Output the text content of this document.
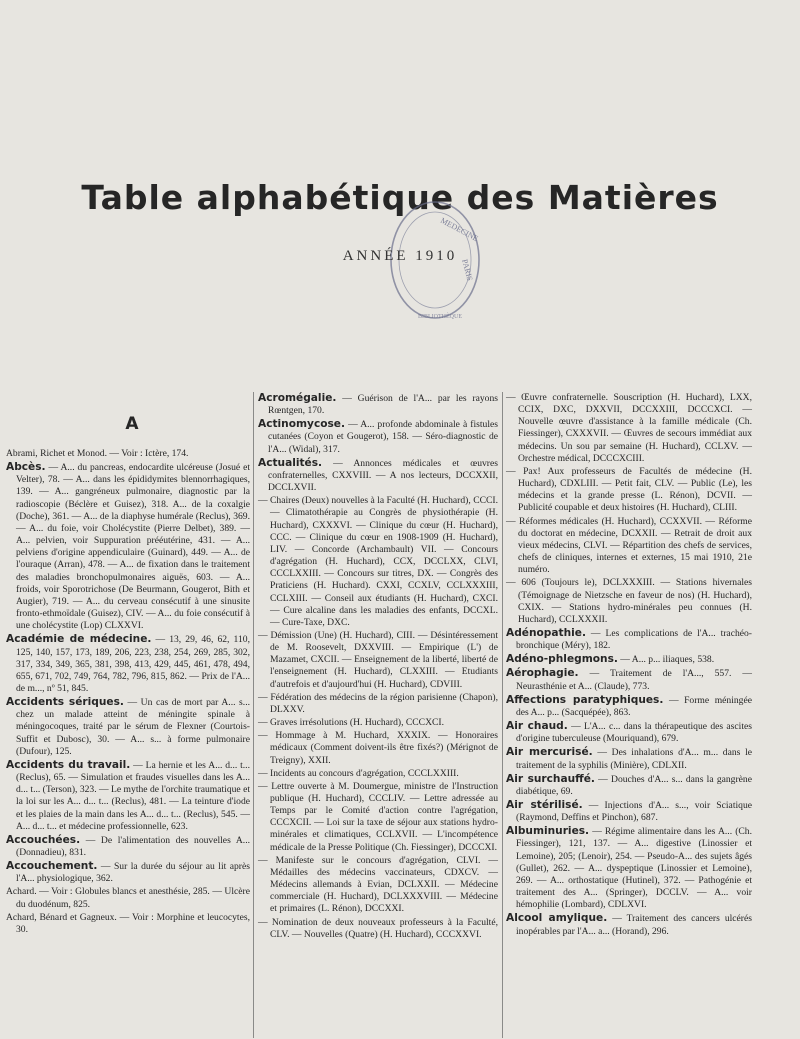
Table alphabétique des Matières
MEDECINE
PARIS
BIBLIOTHÈQUE
ANNÉE 1910
A

Abrami, Richet et Monod. — Voir : Ictère, 174.

Abcès. — A... du pancreas, endocardite ulcéreuse (Josué et Velter), 78. — A... dans les épididymites blennorrhagiques, 139. — A... gangréneux pulmonaire, diagnostic par la radioscopie (Béclère et Guisez), 318. A... de la coxalgie (Doche), 361. — A... de la diaphyse humérale (Reclus), 369. — A... du foie, voir Cholécystite (Pierre Delbet), 389. — A... pelvien, voir Suppuration prééutérine, 431. — A... pelviens d'origine appendiculaire (Guinard), 449. — A... de l'ouraque (Arran), 478. — A... de fixation dans le traitement des maladies bronchopulmonaires aiguës, 603. — A... froids, voir Sporotrichose (De Beurmann, Gougerot, Bith et Augier), 719. — A... du cerveau consécutif à une sinusite fronto-ethmoïdale (Guisez), CIV. — A... du foie consécutif à une cholécystite (Lop) CLXXVI.

Académie de médecine. — 13, 29, 46, 62, 110, 125, 140, 157, 173, 189, 206, 223, 238, 254, 269, 285, 302, 317, 334, 349, 365, 381, 398, 413, 429, 445, 461, 478, 494, 655, 671, 702, 749, 764, 782, 796, 815, 862. — Prix de l'A... de m..., nº 51, 845.

Accidents sériques. — Un cas de mort par A... s... chez un malade atteint de méningite spinale à méningocoques, traité par le sérum de Flexner (Courtois-Suffit et Dubosc), 30. — A... s... à forme pulmonaire (Dufour), 125.

Accidents du travail. — La hernie et les A... d... t... (Reclus), 65. — Simulation et fraudes visuelles dans les A... d... t... (Terson), 323. — Le mythe de l'orchite traumatique et la loi sur les A... d... t... (Reclus), 481. — La teinture d'iode et les plaies de la main dans les A... d... t... (Reclus), 545. — A... d... t... et médecine professionnelle, 623.

Accouchées. — De l'alimentation des nouvelles A... (Donnadieu), 831.

Accouchement. — Sur la durée du séjour au lit après l'A... physiologique, 362.

Achard. — Voir : Globules blancs et anesthésie, 285. — Ulcère du duodénum, 825.

Achard, Bénard et Gagneux. — Voir : Morphine et leucocytes, 30.

Acromégalie. — Guérison de l'A... par les rayons Rœntgen, 170.

Actinomycose. — A... profonde abdominale à fistules cutanées (Coyon et Gougerot), 158. — Séro-diagnostic de l'A... (Widal), 317.

Actualités. — Annonces médicales et œuvres confraternelles, CXXVIII. — A nos lecteurs, DCCXXII, DCCLXVII.

— Chaires (Deux) nouvelles à la Faculté (H. Huchard), CCCI. — Climatothérapie au Congrès de physiothérapie (H. Huchard), CXXXVI. — Clinique du cœur (H. Huchard), CCC. — Clinique du cœur en 1908-1909 (H. Huchard), LIV. — Concorde (Archambault) VII. — Concours d'agrégation (H. Huchard), CCX, DCCLXX, CLVI, CCCLXXIII. — Concours sur titres, DX. — Congrès des Praticiens (H. Huchard). CXXI, CCXLV, CCLXXXIII, CCLXIII. — Conseil aux étudiants (H. Huchard), CXCI. — Cure alcaline dans les maladies des enfants, DCCXL. — Cure-Taxe, DXC.

— Démission (Une) (H. Huchard), CIII. — Désintéressement de M. Roosevelt, DXXVIII. — Empirique (L') de Mazamet, CXCII. — Enseignement de la liberté, liberté de l'enseignement (H. Huchard), CLXXIII. — Etudiants d'autrefois et d'aujourd'hui (H. Huchard), CDVIII.

— Fédération des médecins de la région parisienne (Chapon), DLXXV.

— Graves irrésolutions (H. Huchard), CCCXCI.

— Hommage à M. Huchard, XXXIX. — Honoraires médicaux (Comment doivent-ils être fixés?) (Mérignot de Treigny), XXII.

— Incidents au concours d'agrégation, CCCLXXIII.

— Lettre ouverte à M. Doumergue, ministre de l'Instruction publique (H. Huchard), CCCLIV. — Lettre adressée au Temps par le Comité d'action contre l'agrégation, CCCXCII. — Loi sur la taxe de séjour aux stations hydro-minérales et climatiques, CCLXVII. — L'incompétence médicale de la Presse Politique (Ch. Fiessinger), DCCCXI.

— Manifeste sur le concours d'agrégation, CLVI. — Médailles des médecins vaccinateurs, CDXCV. — Médecins allemands à Evian, DCLXXII. — Médecine commerciale (H. Huchard), DCLXXXVIII. — Médecine et primaires (L. Rénon), DCCXXI.

— Nomination de deux nouveaux professeurs à la Faculté, CLV. — Nouvelles (Quatre) (H. Huchard), CCCXXVI.

— Œuvre confraternelle. Souscription (H. Huchard), LXX, CCIX, DXC, DXXVII, DCCXXIII, DCCCXCI. — Nouvelle œuvre d'assistance à la famille médicale (Ch. Fiessinger), CXXXVII. — Œuvres de secours immédiat aux médecins. Un sou par semaine (H. Huchard), CCLXV. — Orchestre médical, DCCCXCIII.

— Pax! Aux professeurs de Facultés de médecine (H. Huchard), CDXLIII. — Petit fait, CLV. — Public (Le), les médecins et la grande presse (L. Rénon), DCVII. — Publicité coupable et deux histoires (H. Huchard), CLIII.

— Réformes médicales (H. Huchard), CCXXVII. — Réforme du doctorat en médecine, DCXXII. — Retrait de droit aux vieux médecins, CLVI. — Répartition des chefs de services, chefs de cliniques, internes et externes, 15 mai 1910, 21e numéro.

— 606 (Toujours le), DCLXXXIII. — Stations hivernales (Témoignage de Nietzsche en faveur de nos) (H. Huchard), CXIX. — Stations hydro-minérales peu connues (H. Huchard), CCLXXXII.

Adénopathie. — Les complications de l'A... trachéo-bronchique (Méry), 182.

Adéno-phlegmons. — A... p... iliaques, 538.

Aérophagie. — Traitement de l'A..., 557. — Neurasthénie et A... (Claude), 773.

Affections paratyphiques. — Forme méningée des A... p... (Sacquépée), 863.

Air chaud. — L'A... c... dans la thérapeutique des ascites d'origine tuberculeuse (Mouriquand), 679.

Air mercurisé. — Des inhalations d'A... m... dans le traitement de la syphilis (Minière), CDLXII.

Air surchauffé. — Douches d'A... s... dans la gangrène diabétique, 69.

Air stérilisé. — Injections d'A... s..., voir Sciatique (Raymond, Deffins et Pinchon), 687.

Albuminuries. — Régime alimentaire dans les A... (Ch. Fiessinger), 121, 137. — A... digestive (Linossier et Lemoine), 205; (Lenoir), 254. — Pseudo-A... des sujets âgés (Gullet), 262. — A... dyspeptique (Linossier et Lemoine), 269. — A... orthostatique (Hutinel), 372. — Pathogénie et traitement des A... (Springer), DCCLV. — A... voir hémophilie (Lombard), CDLXVI.

Alcool amylique. — Traitement des cancers ulcérés inopérables par l'A... a... (Horand), 296.
